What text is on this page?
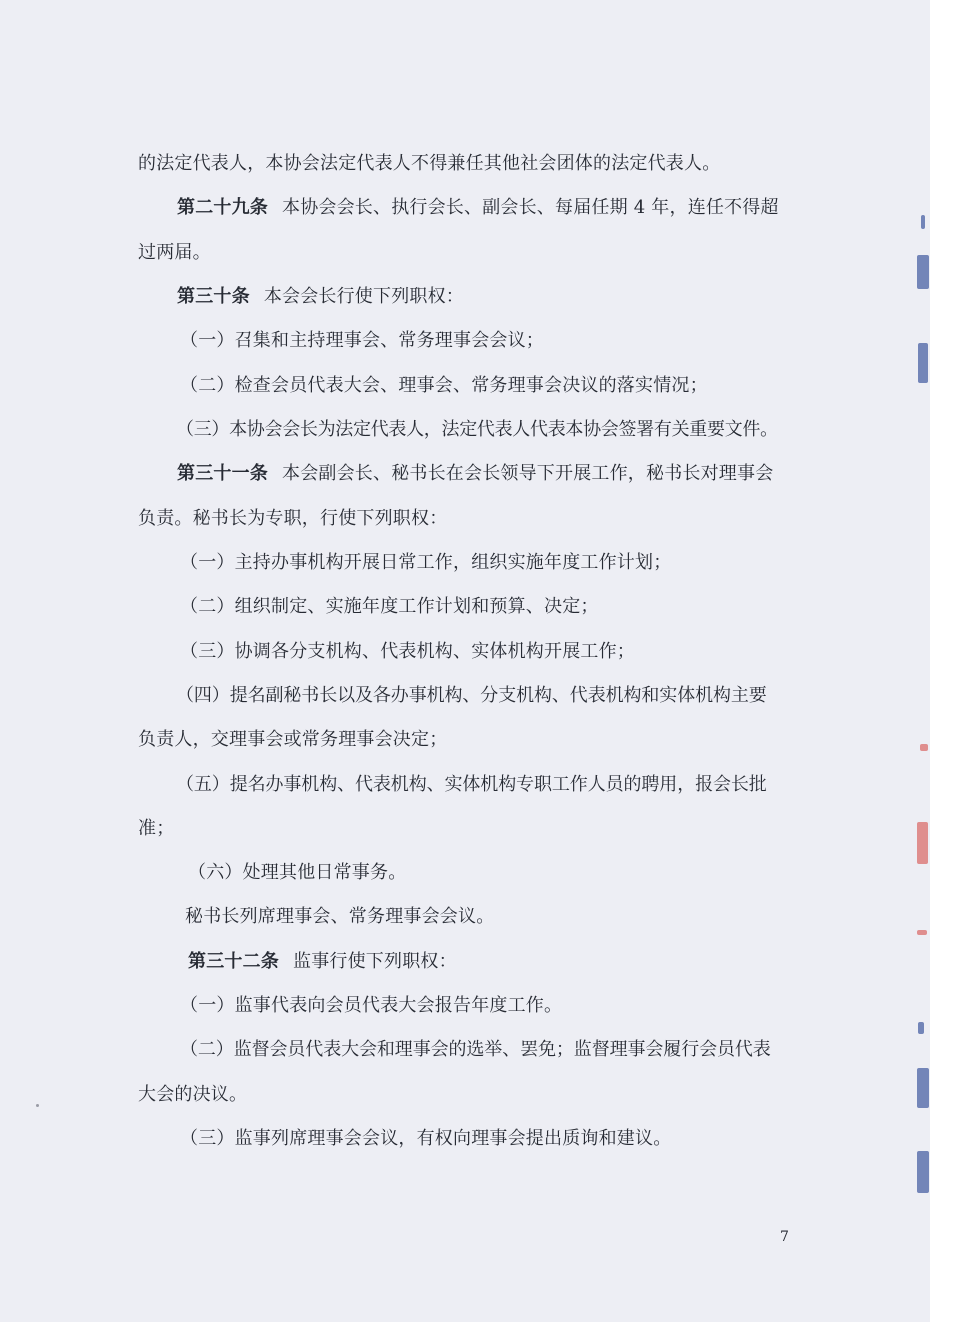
的法定代表人，本协会法定代表人不得兼任其他社会团体的法定代表人。
第二十九条 本协会会长、执行会长、副会长、每届任期 4 年，连任不得超
过两届。
第三十条 本会会长行使下列职权：
（一）召集和主持理事会、常务理事会会议；
（二）检查会员代表大会、理事会、常务理事会决议的落实情况；
（三）本协会会长为法定代表人，法定代表人代表本协会签署有关重要文件。
第三十一条 本会副会长、秘书长在会长领导下开展工作，秘书长对理事会
负责。秘书长为专职，行使下列职权：
（一）主持办事机构开展日常工作，组织实施年度工作计划；
（二）组织制定、实施年度工作计划和预算、决定；
（三）协调各分支机构、代表机构、实体机构开展工作；
（四）提名副秘书长以及各办事机构、分支机构、代表机构和实体机构主要
负责人，交理事会或常务理事会决定；
（五）提名办事机构、代表机构、实体机构专职工作人员的聘用，报会长批
准；
（六）处理其他日常事务。
秘书长列席理事会、常务理事会会议。
第三十二条 监事行使下列职权：
（一）监事代表向会员代表大会报告年度工作。
（二）监督会员代表大会和理事会的选举、罢免；监督理事会履行会员代表
大会的决议。
（三）监事列席理事会会议，有权向理事会提出质询和建议。
7
